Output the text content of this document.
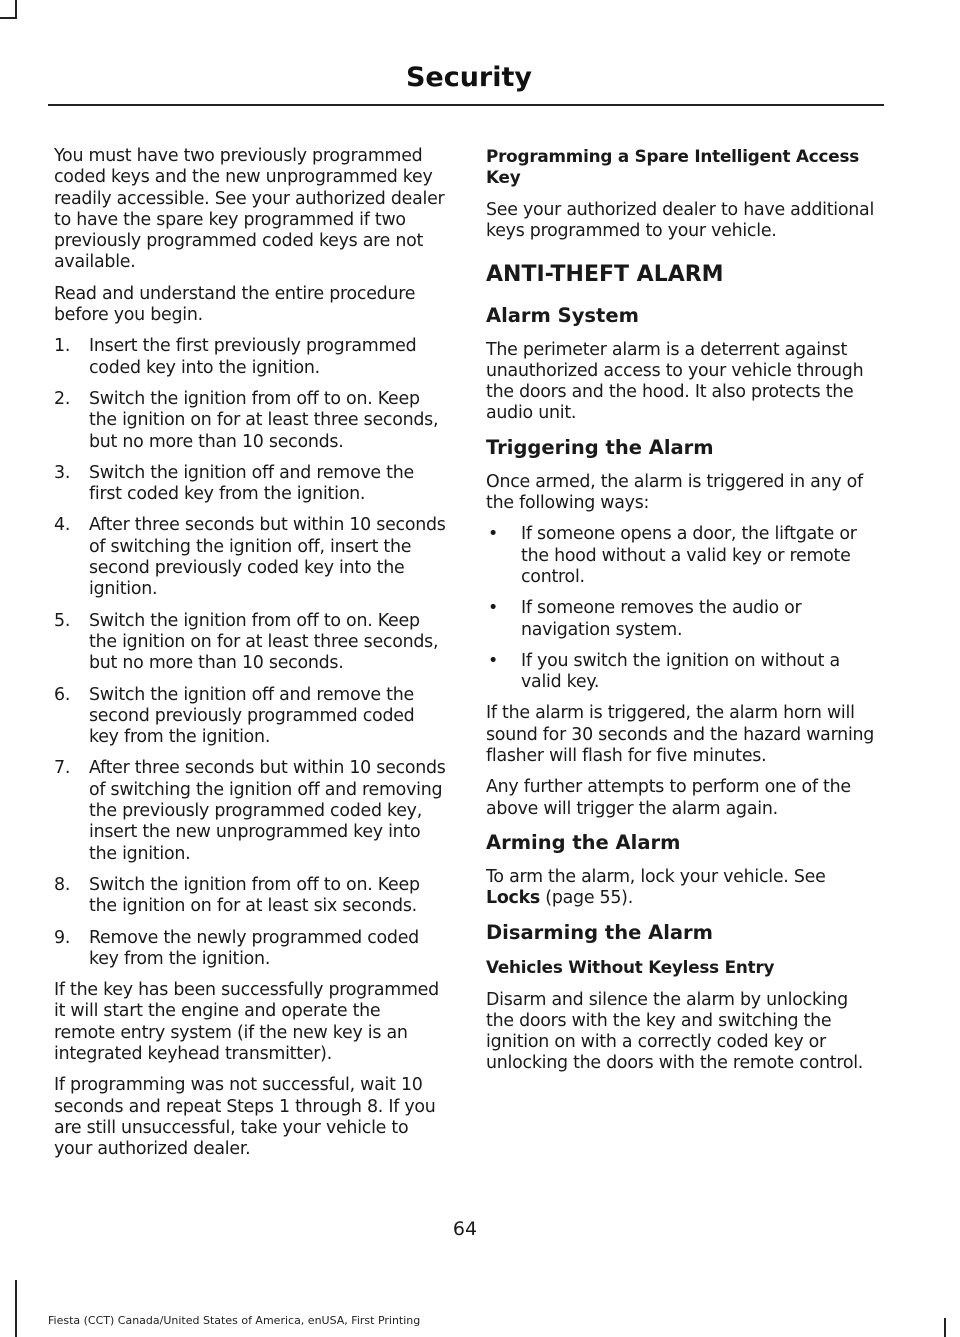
Security

You must have two previously programmed coded keys and the new unprogrammed key readily accessible. See your authorized dealer to have the spare key programmed if two previously programmed coded keys are not available.

Read and understand the entire procedure before you begin.

1. Insert the first previously programmed coded key into the ignition.
2. Switch the ignition from off to on. Keep the ignition on for at least three seconds, but no more than 10 seconds.
3. Switch the ignition off and remove the first coded key from the ignition.
4. After three seconds but within 10 seconds of switching the ignition off, insert the second previously coded key into the ignition.
5. Switch the ignition from off to on. Keep the ignition on for at least three seconds, but no more than 10 seconds.
6. Switch the ignition off and remove the second previously programmed coded key from the ignition.
7. After three seconds but within 10 seconds of switching the ignition off and removing the previously programmed coded key, insert the new unprogrammed key into the ignition.
8. Switch the ignition from off to on. Keep the ignition on for at least six seconds.
9. Remove the newly programmed coded key from the ignition.

If the key has been successfully programmed it will start the engine and operate the remote entry system (if the new key is an integrated keyhead transmitter).

If programming was not successful, wait 10 seconds and repeat Steps 1 through 8. If you are still unsuccessful, take your vehicle to your authorized dealer.

Programming a Spare Intelligent Access Key

See your authorized dealer to have additional keys programmed to your vehicle.

ANTI-THEFT ALARM
Alarm System

The perimeter alarm is a deterrent against unauthorized access to your vehicle through the doors and the hood. It also protects the audio unit.

Triggering the Alarm

Once armed, the alarm is triggered in any of the following ways:

• If someone opens a door, the liftgate or the hood without a valid key or remote control.
• If someone removes the audio or navigation system.
• If you switch the ignition on without a valid key.

If the alarm is triggered, the alarm horn will sound for 30 seconds and the hazard warning flasher will flash for five minutes.

Any further attempts to perform one of the above will trigger the alarm again.

Arming the Alarm

To arm the alarm, lock your vehicle. See
Locks (page 55).

Disarming the Alarm
Vehicles Without Keyless Entry

Disarm and silence the alarm by unlocking the doors with the key and switching the ignition on with a correctly coded key or unlocking the doors with the remote control.

64
Fiesta (CCT) Canada/United States of America, enUSA, First Printing
